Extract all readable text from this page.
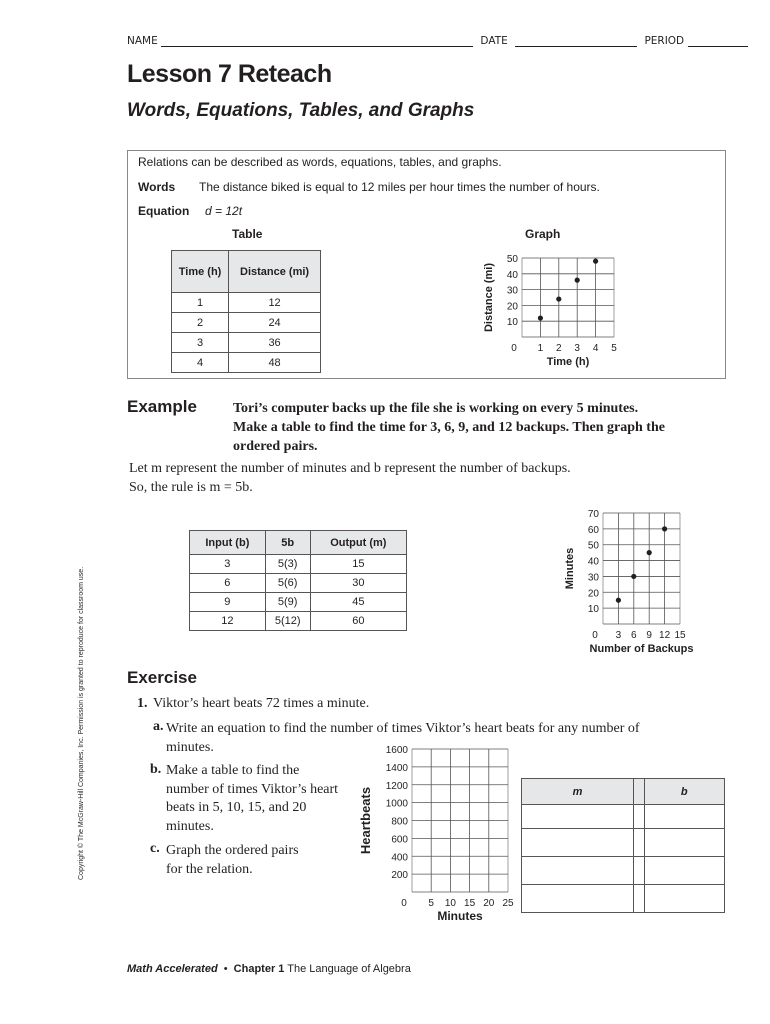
NAME	DATE	PERIOD
Lesson 7 Reteach
Words, Equations, Tables, and Graphs
Relations can be described as words, equations, tables, and graphs.
Words The distance biked is equal to 12 miles per hour times the number of hours.
Equation d = 12t
Table	Graph
Time (h)	Distance (mi)
1	12
2	24
3	36
4	48
0 1 2 3 4 5
10
20
30
40
50
Time (h)
Distance (mi)
0 3 6 9 12 15
10
20
30
40
50
60
70
Number of Backups
Minutes
0 5 10 15 20 25
200
400
600
800
1000
1200
1400
1600
Minutes
Heartbeats
Example	Tori’s computer backs up the file she is working on every 5 minutes. Make a table to find the time for 3, 6, 9, and 12 backups. Then graph the ordered pairs.
Let m represent the number of minutes and b represent the number of backups.
So, the rule is m = 5b.
Input (b)	5b	Output (m)
3	5(3)	15
6	5(6)	30
9	5(9)	45
12	5(12)	60
Exercise
1. Viktor’s heart beats 72 times a minute.
a. Write an equation to find the number of times Viktor’s heart beats for any number of minutes.
b. Make a table to find the number of times Viktor’s heart beats in 5, 10, 15, and 20 minutes.
c. Graph the ordered pairs for the relation.
m		b

Copyright © The McGraw-Hill Companies, Inc. Permission is granted to reproduce for classroom use.
Math Accelerated • Chapter 1 The Language of Algebra
